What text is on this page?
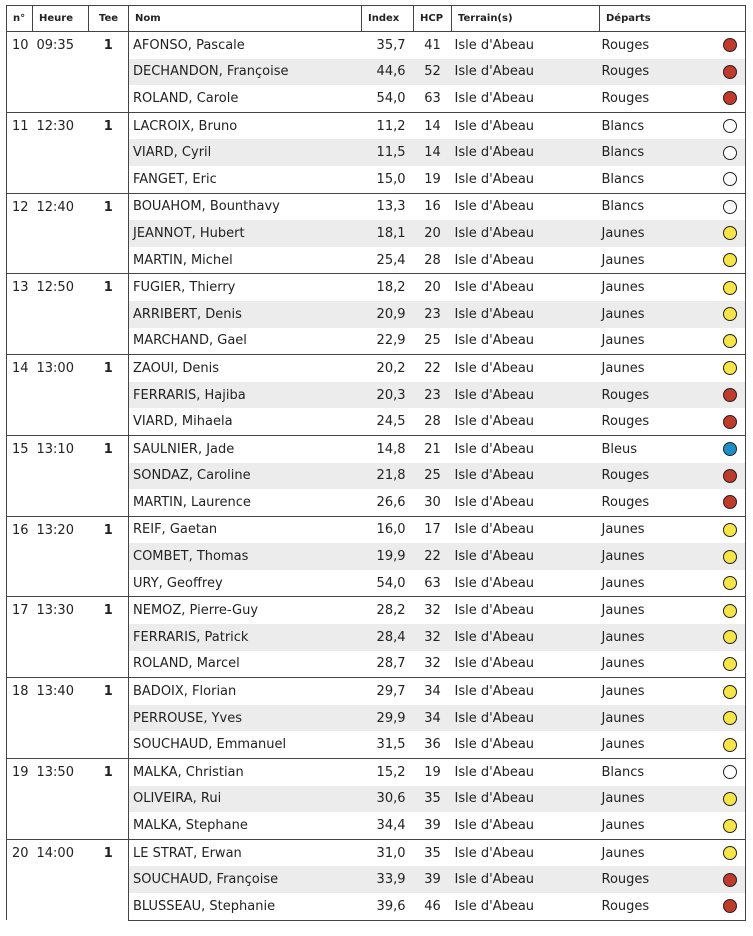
n°	Heure	Tee	Nom	Index	HCP	Terrain(s)	Départs	
10	09:35	1	AFONSO, Pascale	35,7	41	Isle d'Abeau	Rouges	
			DECHANDON, Françoise	44,6	52	Isle d'Abeau	Rouges	
			ROLAND, Carole	54,0	63	Isle d'Abeau	Rouges	
11	12:30	1	LACROIX, Bruno	11,2	14	Isle d'Abeau	Blancs	
			VIARD, Cyril	11,5	14	Isle d'Abeau	Blancs	
			FANGET, Eric	15,0	19	Isle d'Abeau	Blancs	
12	12:40	1	BOUAHOM, Bounthavy	13,3	16	Isle d'Abeau	Blancs	
			JEANNOT, Hubert	18,1	20	Isle d'Abeau	Jaunes	
			MARTIN, Michel	25,4	28	Isle d'Abeau	Jaunes	
13	12:50	1	FUGIER, Thierry	18,2	20	Isle d'Abeau	Jaunes	
			ARRIBERT, Denis	20,9	23	Isle d'Abeau	Jaunes	
			MARCHAND, Gael	22,9	25	Isle d'Abeau	Jaunes	
14	13:00	1	ZAOUI, Denis	20,2	22	Isle d'Abeau	Jaunes	
			FERRARIS, Hajiba	20,3	23	Isle d'Abeau	Rouges	
			VIARD, Mihaela	24,5	28	Isle d'Abeau	Rouges	
15	13:10	1	SAULNIER, Jade	14,8	21	Isle d'Abeau	Bleus	
			SONDAZ, Caroline	21,8	25	Isle d'Abeau	Rouges	
			MARTIN, Laurence	26,6	30	Isle d'Abeau	Rouges	
16	13:20	1	REIF, Gaetan	16,0	17	Isle d'Abeau	Jaunes	
			COMBET, Thomas	19,9	22	Isle d'Abeau	Jaunes	
			URY, Geoffrey	54,0	63	Isle d'Abeau	Jaunes	
17	13:30	1	NEMOZ, Pierre-Guy	28,2	32	Isle d'Abeau	Jaunes	
			FERRARIS, Patrick	28,4	32	Isle d'Abeau	Jaunes	
			ROLAND, Marcel	28,7	32	Isle d'Abeau	Jaunes	
18	13:40	1	BADOIX, Florian	29,7	34	Isle d'Abeau	Jaunes	
			PERROUSE, Yves	29,9	34	Isle d'Abeau	Jaunes	
			SOUCHAUD, Emmanuel	31,5	36	Isle d'Abeau	Jaunes	
19	13:50	1	MALKA, Christian	15,2	19	Isle d'Abeau	Blancs	
			OLIVEIRA, Rui	30,6	35	Isle d'Abeau	Jaunes	
			MALKA, Stephane	34,4	39	Isle d'Abeau	Jaunes	
20	14:00	1	LE STRAT, Erwan	31,0	35	Isle d'Abeau	Jaunes	
			SOUCHAUD, Françoise	33,9	39	Isle d'Abeau	Rouges	
			BLUSSEAU, Stephanie	39,6	46	Isle d'Abeau	Rouges	
